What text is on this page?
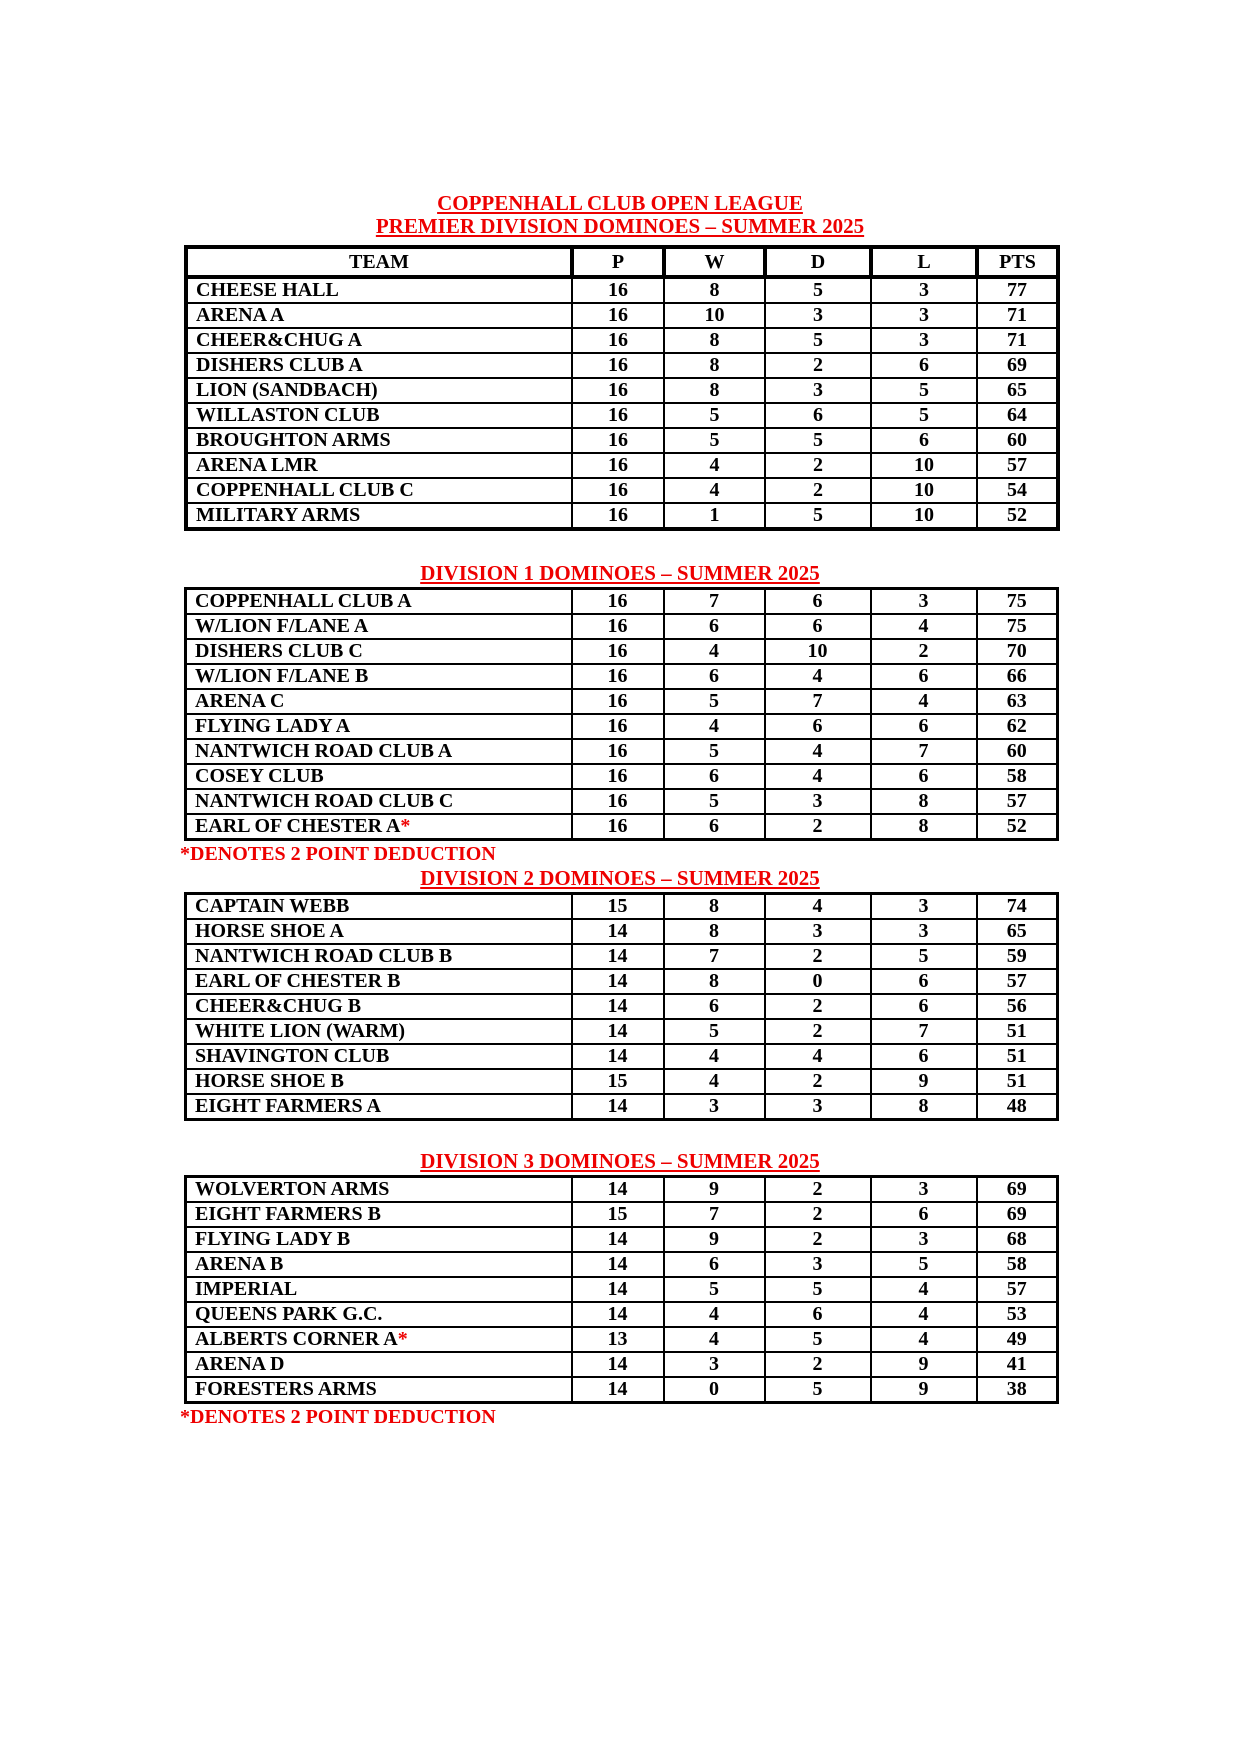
COPPENHALL CLUB OPEN LEAGUE
PREMIER DIVISION DOMINOES – SUMMER 2025
TEAM	P	W	D	L	PTS
CHEESE HALL	16	8	5	3	77
ARENA A	16	10	3	3	71
CHEER&CHUG A	16	8	5	3	71
DISHERS CLUB A	16	8	2	6	69
LION (SANDBACH)	16	8	3	5	65
WILLASTON CLUB	16	5	6	5	64
BROUGHTON ARMS	16	5	5	6	60
ARENA LMR	16	4	2	10	57
COPPENHALL CLUB C	16	4	2	10	54
MILITARY ARMS	16	1	5	10	52
DIVISION 1 DOMINOES – SUMMER 2025
COPPENHALL CLUB A	16	7	6	3	75
W/LION F/LANE A	16	6	6	4	75
DISHERS CLUB C	16	4	10	2	70
W/LION F/LANE B	16	6	4	6	66
ARENA C	16	5	7	4	63
FLYING LADY A	16	4	6	6	62
NANTWICH ROAD CLUB A	16	5	4	7	60
COSEY CLUB	16	6	4	6	58
NANTWICH ROAD CLUB C	16	5	3	8	57
EARL OF CHESTER A*	16	6	2	8	52
*DENOTES 2 POINT DEDUCTION
DIVISION 2 DOMINOES – SUMMER 2025
CAPTAIN WEBB	15	8	4	3	74
HORSE SHOE A	14	8	3	3	65
NANTWICH ROAD CLUB B	14	7	2	5	59
EARL OF CHESTER B	14	8	0	6	57
CHEER&CHUG B	14	6	2	6	56
WHITE LION (WARM)	14	5	2	7	51
SHAVINGTON CLUB	14	4	4	6	51
HORSE SHOE B	15	4	2	9	51
EIGHT FARMERS A	14	3	3	8	48
DIVISION 3 DOMINOES – SUMMER 2025
WOLVERTON ARMS	14	9	2	3	69
EIGHT FARMERS B	15	7	2	6	69
FLYING LADY B	14	9	2	3	68
ARENA B	14	6	3	5	58
IMPERIAL	14	5	5	4	57
QUEENS PARK G.C.	14	4	6	4	53
ALBERTS CORNER A*	13	4	5	4	49
ARENA D	14	3	2	9	41
FORESTERS ARMS	14	0	5	9	38
*DENOTES 2 POINT DEDUCTION
